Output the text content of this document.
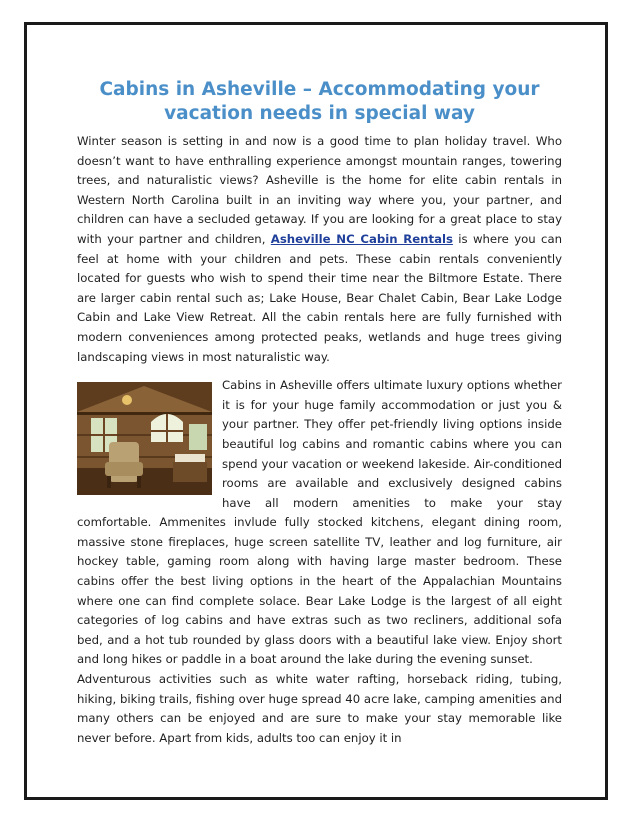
Cabins in Asheville – Accommodating your vacation needs in special way

Winter season is setting in and now is a good time to plan holiday travel. Who doesn’t want to have enthralling experience amongst mountain ranges, towering trees, and naturalistic views? Asheville is the home for elite cabin rentals in Western North Carolina built in an inviting way where you, your partner, and children can have a secluded getaway. If you are looking for a great place to stay with your partner and children, Asheville NC Cabin Rentals is where you can feel at home with your children and pets. These cabin rentals conveniently located for guests who wish to spend their time near the Biltmore Estate. There are larger cabin rental such as; Lake House, Bear Chalet Cabin, Bear Lake Lodge Cabin and Lake View Retreat. All the cabin rentals here are fully furnished with modern conveniences among protected peaks, wetlands and huge trees giving landscaping views in most naturalistic way.

Cabins in Asheville offers ultimate luxury options whether it is for your huge family accommodation or just you & your partner. They offer pet-friendly living options inside beautiful log cabins and romantic cabins where you can spend your vacation or weekend lakeside. Air-conditioned rooms are available and exclusively designed cabins have all modern amenities to make your stay comfortable. Ammenites invlude fully stocked kitchens, elegant dining room, massive stone fireplaces, huge screen satellite TV, leather and log furniture, air hockey table, gaming room along with having large master bedroom. These cabins offer the best living options in the heart of the Appalachian Mountains where one can find complete solace. Bear Lake Lodge is the largest of all eight categories of log cabins and have extras such as two recliners, additional sofa bed, and a hot tub rounded by glass doors with a beautiful lake view. Enjoy short and long hikes or paddle in a boat around the lake during the evening sunset.

Adventurous activities such as white water rafting, horseback riding, tubing, hiking, biking trails, fishing over huge spread 40 acre lake, camping amenities and many others can be enjoyed and are sure to make your stay memorable like never before. Apart from kids, adults too can enjoy it in
